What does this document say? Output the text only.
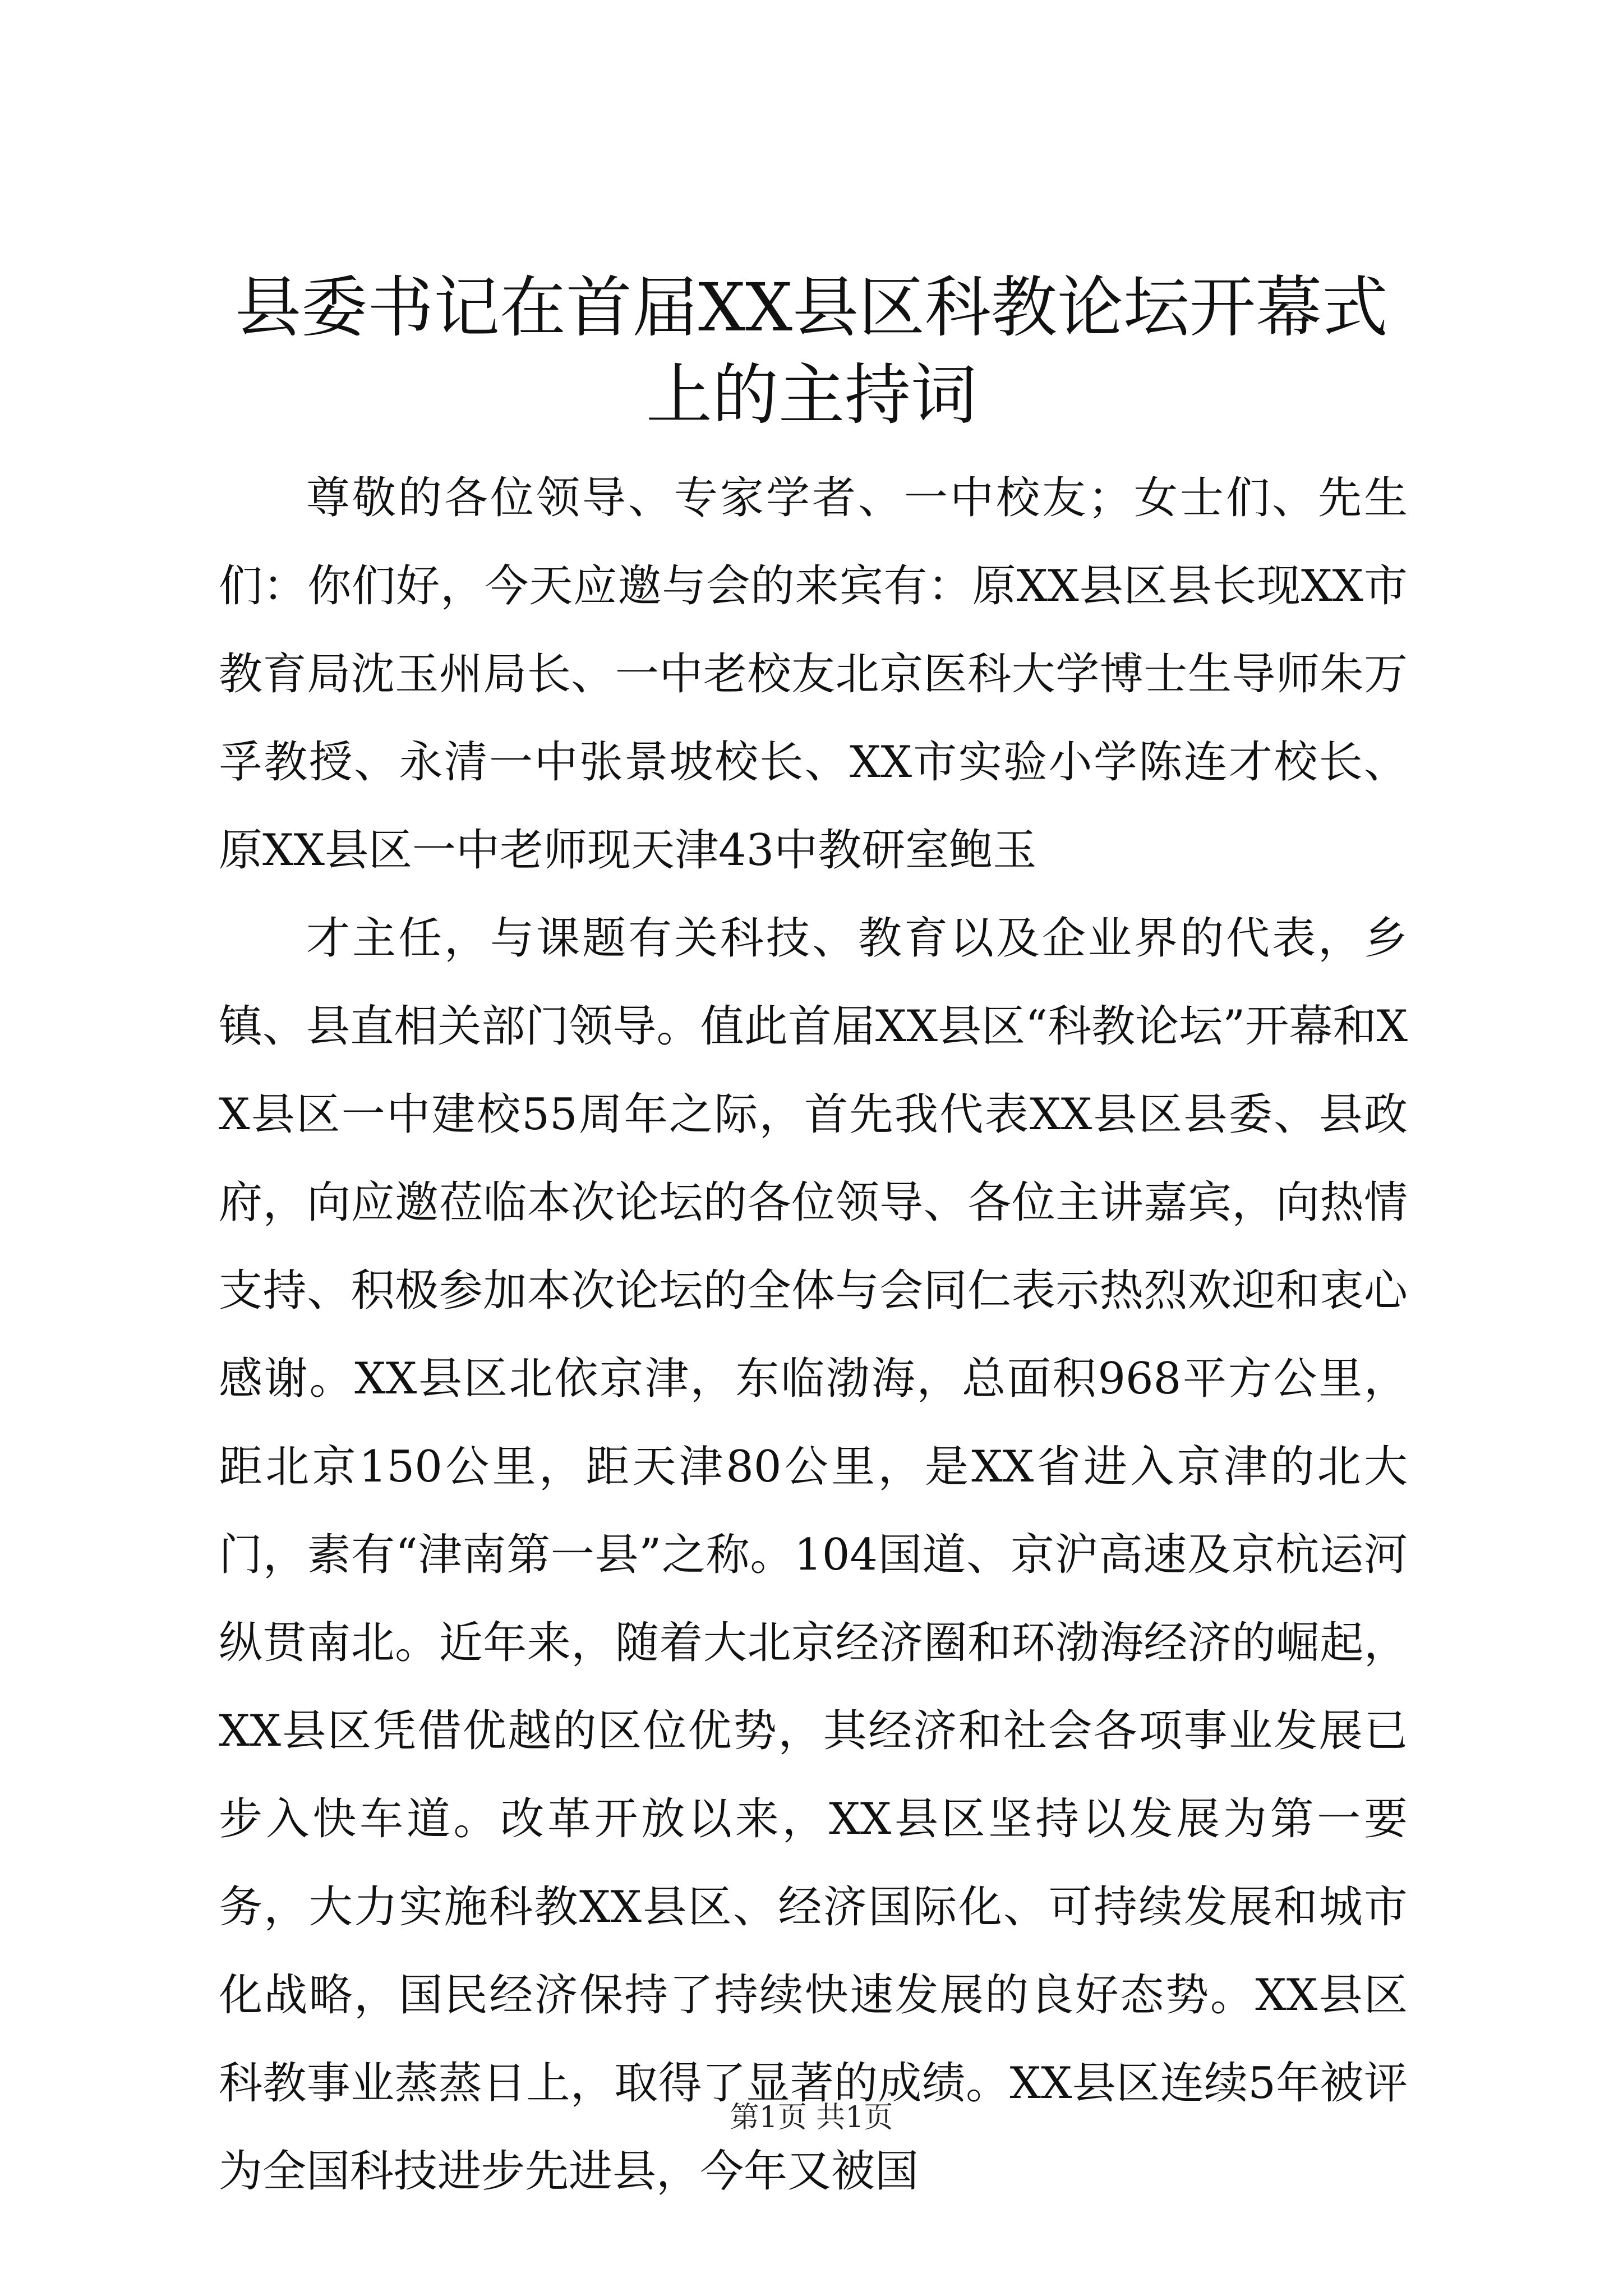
县委书记在首届XX县区科教论坛开幕式上的主持词

尊敬的各位领导、专家学者、一中校友；女士们、先生们：你们好，今天应邀与会的来宾有：原XX县区县长现XX市教育局沈玉州局长、一中老校友北京医科大学博士生导师朱万孚教授、永清一中张景坡校长、XX市实验小学陈连才校长、原XX县区一中老师现天津43中教研室鲍玉

才主任，与课题有关科技、教育以及企业界的代表，乡镇、县直相关部门领导。值此首届XX县区“科教论坛”开幕和XX县区一中建校55周年之际，首先我代表XX县区县委、县政府，向应邀莅临本次论坛的各位领导、各位主讲嘉宾，向热情支持、积极参加本次论坛的全体与会同仁表示热烈欢迎和衷心感谢。XX县区北依京津，东临渤海，总面积968平方公里，距北京150公里，距天津80公里，是XX省进入京津的北大门，素有“津南第一县”之称。104国道、京沪高速及京杭运河纵贯南北。近年来，随着大北京经济圈和环渤海经济的崛起，XX县区凭借优越的区位优势，其经济和社会各项事业发展已步入快车道。改革开放以来，XX县区坚持以发展为第一要务，大力实施科教XX县区、经济国际化、可持续发展和城市化战略，国民经济保持了持续快速发展的良好态势。XX县区科教事业蒸蒸日上，取得了显著的成绩。XX县区连续5年被评为全国科技进步先进县，今年又被国

第1页 共1页
